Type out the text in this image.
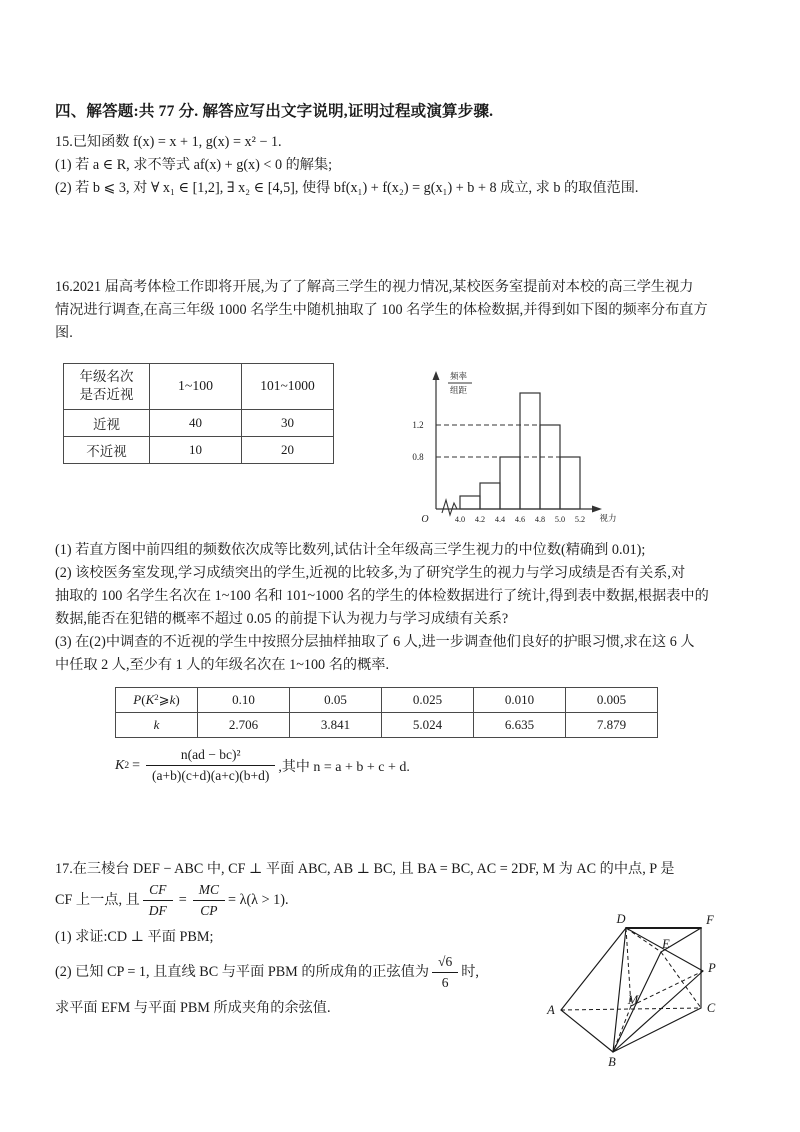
四、解答题:共 77 分. 解答应写出文字说明,证明过程或演算步骤.
15.已知函数 f(x) = x + 1, g(x) = x² − 1.
(1) 若 a ∈ R, 求不等式 af(x) + g(x) < 0 的解集;
(2) 若 b ⩽ 3, 对 ∀ x₁ ∈ [1,2], ∃ x₂ ∈ [4,5], 使得 bf(x₁) + f(x₂) = g(x₁) + b + 8 成立, 求 b 的取值范围.
16.2021 届高考体检工作即将开展,为了了解高三学生的视力情况,某校医务室提前对本校的高三学生视力
情况进行调查,在高三年级 1000 名学生中随机抽取了 100 名学生的体检数据,并得到如下图的频率分布直方
图.
年级名次
是否近视	1~100	101~1000
近视	40	30
不近视	10	20
频率
组距
0.8
1.2
O	4.0 4.2 4.4 4.6 4.8 5.0 5.2 视力
(1) 若直方图中前四组的频数依次成等比数列,试估计全年级高三学生视力的中位数(精确到 0.01);
(2) 该校医务室发现,学习成绩突出的学生,近视的比较多,为了研究学生的视力与学习成绩是否有关系,对
抽取的 100 名学生名次在 1~100 名和 101~1000 名的学生的体检数据进行了统计,得到表中数据,根据表中的
数据,能否在犯错的概率不超过 0.05 的前提下认为视力与学习成绩有关系?
(3) 在(2)中调查的不近视的学生中按照分层抽样抽取了 6 人,进一步调查他们良好的护眼习惯,求在这 6 人
中任取 2 人,至少有 1 人的年级名次在 1~100 名的概率.
$P(K^2⩾k)$	0.10	0.05	0.025	0.010	0.005
k	2.706	3.841	5.024	6.635	7.879
K $2 = \frac{\text{n(ad − bc)²}}{(a+b)(c+d)(a+c)(b+d)}$ ,其中 n = a + b + c + d.
17.在三棱台 DEF − ABC 中, CF ⊥ 平面 ABC, AB ⊥ BC, 且 BA = BC, AC = 2DF, M 为 AC 的中点, P 是
CF 上一点, 且 $\frac{CF}{DF} = \frac{MC}{CP} = \lambda(\lambda > 1)$.
(1) 求证:CD ⊥ 平面 PBM;
(2) 已知 CP = 1, 且直线 BC 与平面 PBM 的所成角的正弦值为 $\frac{√6}{6}$ 时,
求平面 EFM 与平面 PBM 所成夹角的余弦值.
D
E
F
P
A
M
C
B
